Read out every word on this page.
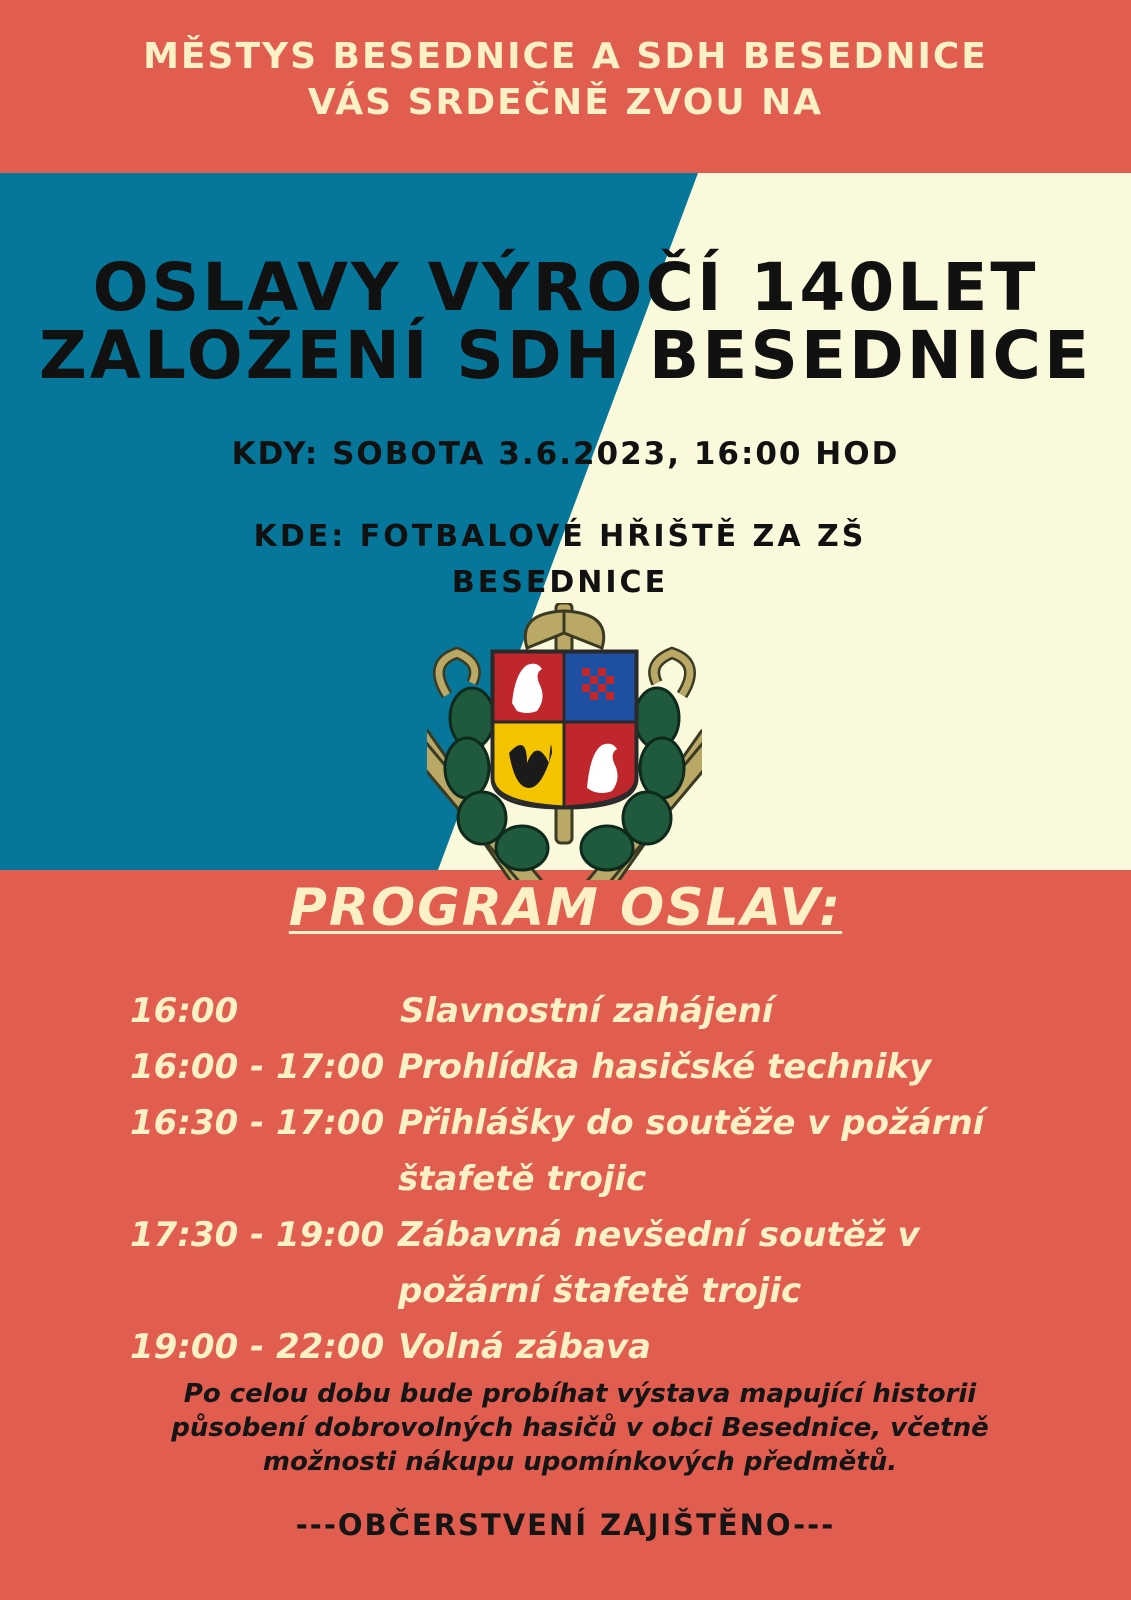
MĚSTYS BESEDNICE A SDH BESEDNICE
VÁS SRDEČNĚ ZVOU NA
OSLAVY VÝROČÍ 140LET
ZALOŽENÍ SDH BESEDNICE
KDY: SOBOTA 3.6.2023, 16:00 HOD
KDE: FOTBALOVÉ HŘIŠTĚ ZA ZŠ BESEDNICE
PROGRAM OSLAV:
16:00	Slavnostní zahájení
16:00 - 17:00 Prohlídka hasičské techniky
16:30 - 17:00 Přihlášky do soutěže v požární štafetě trojic
17:30 - 19:00 Zábavná nevšední soutěž v požární štafetě trojic
19:00 - 22:00 Volná zábava
Po celou dobu bude probíhat výstava mapující historii působení dobrovolných hasičů v obci Besednice, včetně možnosti nákupu upomínkových předmětů.
---OBČERSTVENÍ ZAJIŠTĚNO---
